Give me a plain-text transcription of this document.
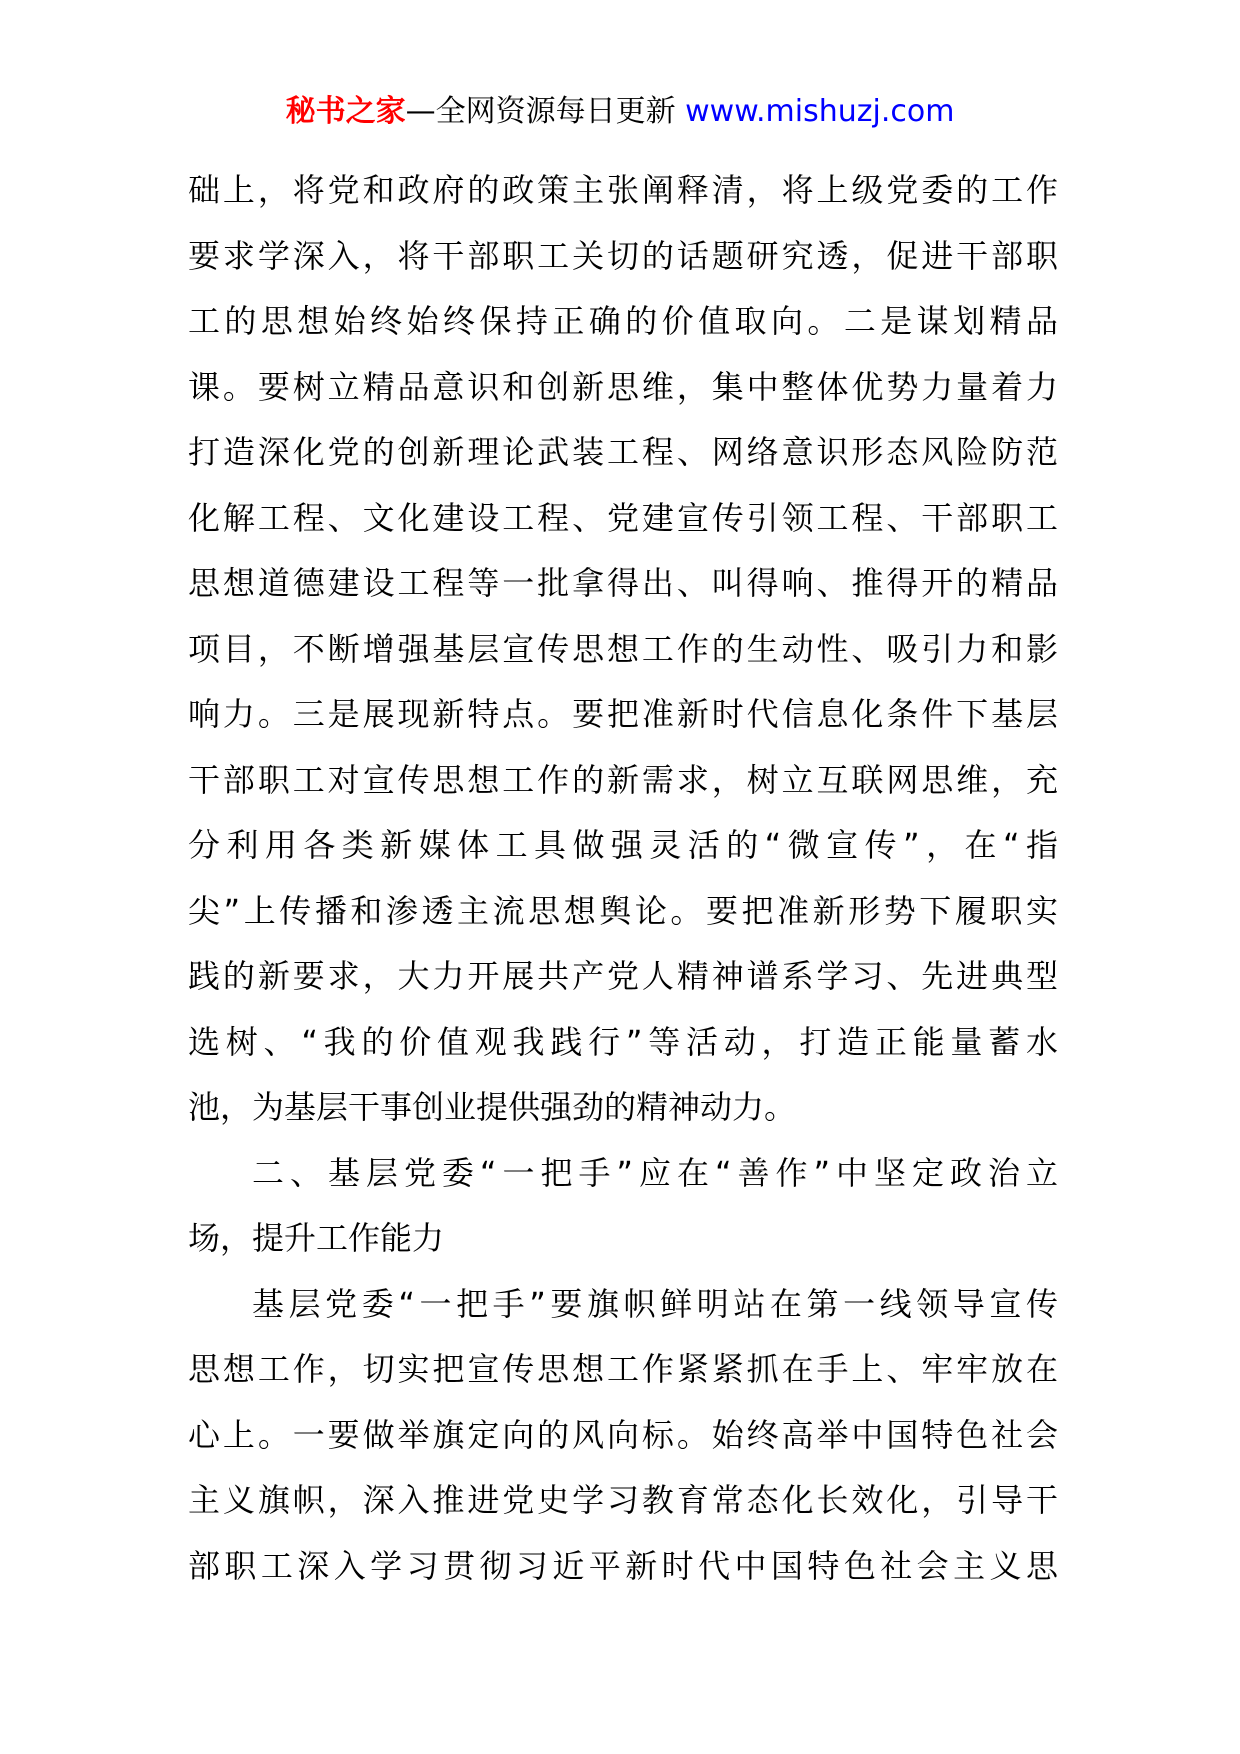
秘书之家—全网资源每日更新 www.mishuzj.com
础上，将党和政府的政策主张阐释清，将上级党委的工作
要求学深入，将干部职工关切的话题研究透，促进干部职
工的思想始终始终保持正确的价值取向。二是谋划精品
课。要树立精品意识和创新思维，集中整体优势力量着力
打造深化党的创新理论武装工程、网络意识形态风险防范
化解工程、文化建设工程、党建宣传引领工程、干部职工
思想道德建设工程等一批拿得出、叫得响、推得开的精品
项目，不断增强基层宣传思想工作的生动性、吸引力和影
响力。三是展现新特点。要把准新时代信息化条件下基层
干部职工对宣传思想工作的新需求，树立互联网思维，充
分利用各类新媒体工具做强灵活的“微宣传”，在“指
尖”上传播和渗透主流思想舆论。要把准新形势下履职实
践的新要求，大力开展共产党人精神谱系学习、先进典型
选树、“我的价值观我践行”等活动，打造正能量蓄水
池，为基层干事创业提供强劲的精神动力。
二、基层党委“一把手”应在“善作”中坚定政治立
场，提升工作能力
基层党委“一把手”要旗帜鲜明站在第一线领导宣传
思想工作，切实把宣传思想工作紧紧抓在手上、牢牢放在
心上。一要做举旗定向的风向标。始终高举中国特色社会
主义旗帜，深入推进党史学习教育常态化长效化，引导干
部职工深入学习贯彻习近平新时代中国特色社会主义思
